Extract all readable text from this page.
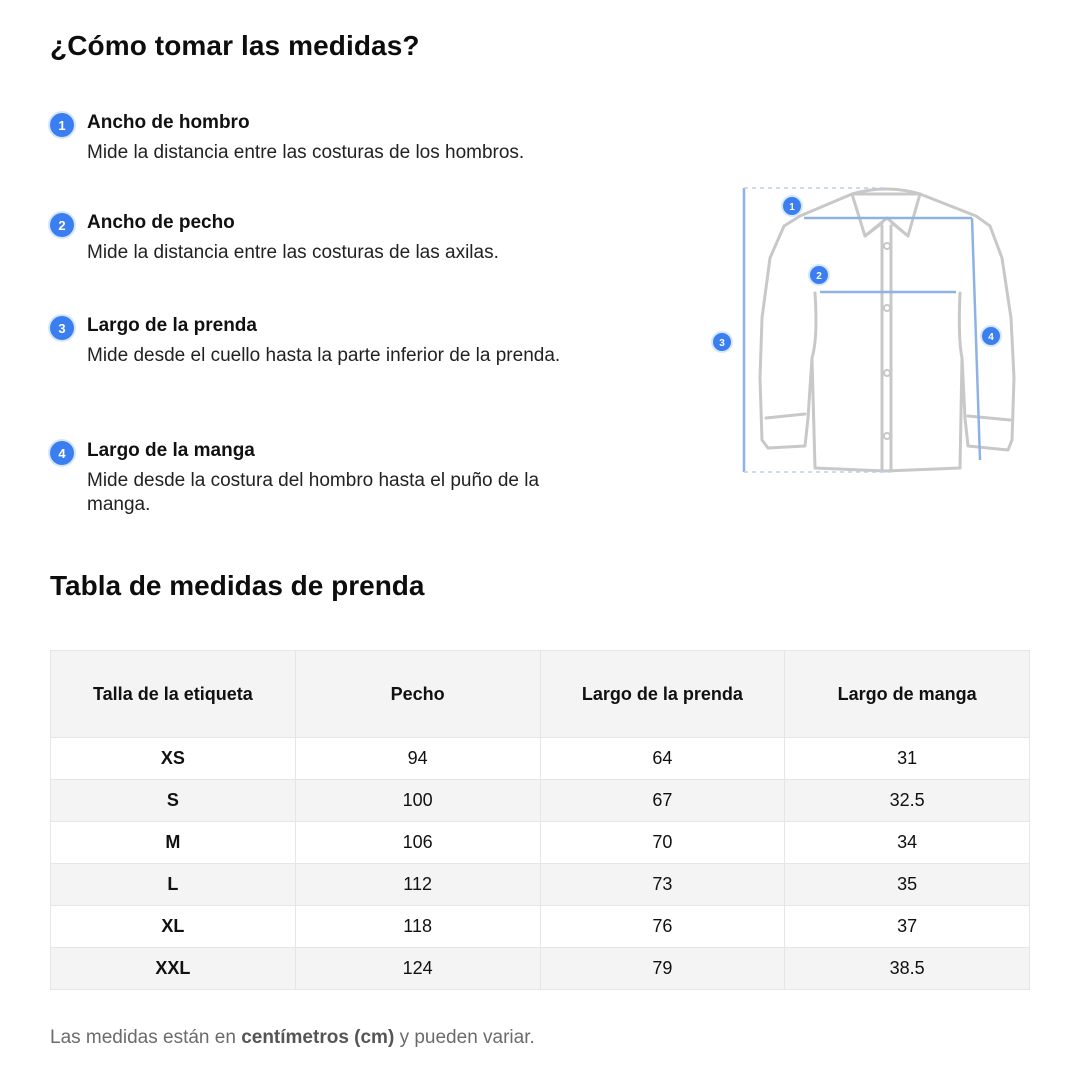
¿Cómo tomar las medidas?
1	Ancho de hombro
Mide la distancia entre las costuras de los hombros.
2	Ancho de pecho
Mide la distancia entre las costuras de las axilas.
3	Largo de la prenda
Mide desde el cuello hasta la parte inferior de la prenda.
4	Largo de la manga
Mide desde la costura del hombro hasta el puño de la manga.
1
2
3
4
Tabla de medidas de prenda
Talla de la etiqueta	Pecho	Largo de la prenda	Largo de manga
XS	94	64	31
S	100	67	32.5
M	106	70	34
L	112	73	35
XL	118	76	37
XXL	124	79	38.5
Las medidas están en centímetros (cm) y pueden variar.
